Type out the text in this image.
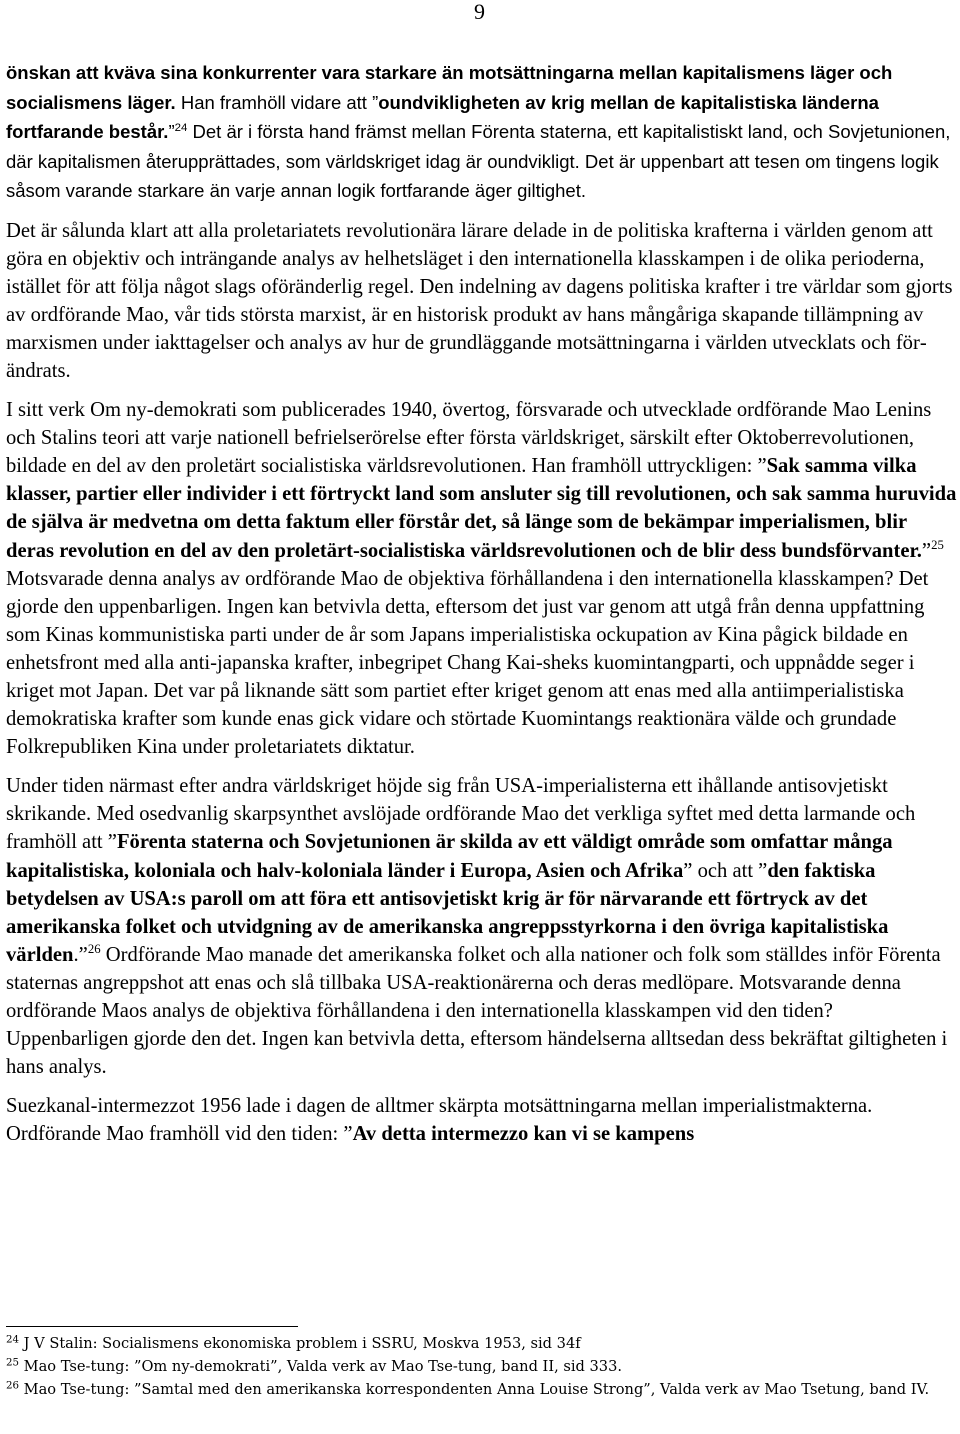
9

önskan att kväva sina konkurrenter vara starkare än motsättningarna mellan kapitalismens läger och socialismens läger. Han framhöll vidare att ”oundvikligheten av krig mellan de kapitalistiska länderna fortfarande består.”$^{24}$ Det är i första hand främst mellan Förenta staterna, ett kapitalistiskt land, och Sovjetunionen, där kapitalismen återupprättades, som världskriget idag är oundvikligt. Det är uppenbart att tesen om tingens logik såsom varande starkare än varje annan logik fortfarande äger giltighet.

Det är sålunda klart att alla proletariatets revolutionära lärare delade in de politiska krafterna i världen genom att göra en objektiv och inträngande analys av helhetsläget i den internationella klasskampen i de olika perioderna, istället för att följa något slags oföränderlig regel. Den indelning av dagens politiska krafter i tre världar som gjorts av ordförande Mao, vår tids största marxist, är en historisk produkt av hans mångåriga skapande tillämpning av marxismen under iakttagelser och analys av hur de grundläggande motsättningarna i världen utvecklats och förändrats.

I sitt verk Om ny-demokrati som publicerades 1940, övertog, försvarade och utvecklade ordförande Mao Lenins och Stalins teori att varje nationell befrielserörelse efter första världskriget, särskilt efter Oktoberrevolutionen, bildade en del av den proletärt socialistiska världsrevolutionen. Han framhöll uttryckligen: ”Sak samma vilka klasser, partier eller individer i ett förtryckt land som ansluter sig till revolutionen, och sak samma huruvida de själva är medvetna om detta faktum eller förstår det, så länge som de bekämpar imperialismen, blir deras revolution en del av den proletärt-socialistiska världsrevolutionen och de blir dess bundsförvanter.”$^{25}$ Motsvarade denna analys av ordförande Mao de objektiva förhållandena i den internationella klasskampen? Det gjorde den uppenbarligen. Ingen kan betvivla detta, eftersom det just var genom att utgå från denna uppfattning som Kinas kommunistiska parti under de år som Japans imperialistiska ockupation av Kina pågick bildade en enhetsfront med alla anti-japanska krafter, inbegripet Chang Kai-sheks kuomintangparti, och uppnådde seger i kriget mot Japan. Det var på liknande sätt som partiet efter kriget genom att enas med alla antiimperialistiska demokratiska krafter som kunde enas gick vidare och störtade Kuomintangs reaktionära välde och grundade Folkrepubliken Kina under proletariatets diktatur.

Under tiden närmast efter andra världskriget höjde sig från USA-imperialisterna ett ihållande antisovjetiskt skrikande. Med osedvanlig skarpsynthet avslöjade ordförande Mao det verkliga syftet med detta larmande och framhöll att ”Förenta staterna och Sovjetunionen är skilda av ett väldigt område som omfattar många kapitalistiska, koloniala och halv-koloniala länder i Europa, Asien och Afrika” och att ”den faktiska betydelsen av USA:s paroll om att föra ett antisovjetiskt krig är för närvarande ett förtryck av det amerikanska folket och utvidgning av de amerikanska angreppsstyrkorna i den övriga kapitalistiska världen.”$^{26}$ Ordförande Mao manade det amerikanska folket och alla nationer och folk som ställdes inför Förenta staternas angreppshot att enas och slå tillbaka USA-reaktionärerna och deras medlöpare. Motsvarande denna ordförande Maos analys de objektiva förhållandena i den internationella klasskampen vid den tiden? Uppenbarligen gjorde den det. Ingen kan betvivla detta, eftersom händelserna alltsedan dess bekräftat giltigheten i hans analys.

Suezkanal-intermezzot 1956 lade i dagen de alltmer skärpta motsättningarna mellan imperialistmakterna. Ordförande Mao framhöll vid den tiden: ”Av detta intermezzo kan vi se kampens

$^{24}$ J V Stalin: Socialismens ekonomiska problem i SSRU, Moskva 1953, sid 34f

$^{25}$ Mao Tse-tung: ”Om ny-demokrati”, Valda verk av Mao Tse-tung, band II, sid 333.

$^{26}$ Mao Tse-tung: ”Samtal med den amerikanska korrespondenten Anna Louise Strong”, Valda verk av Mao Tsetung, band IV.
